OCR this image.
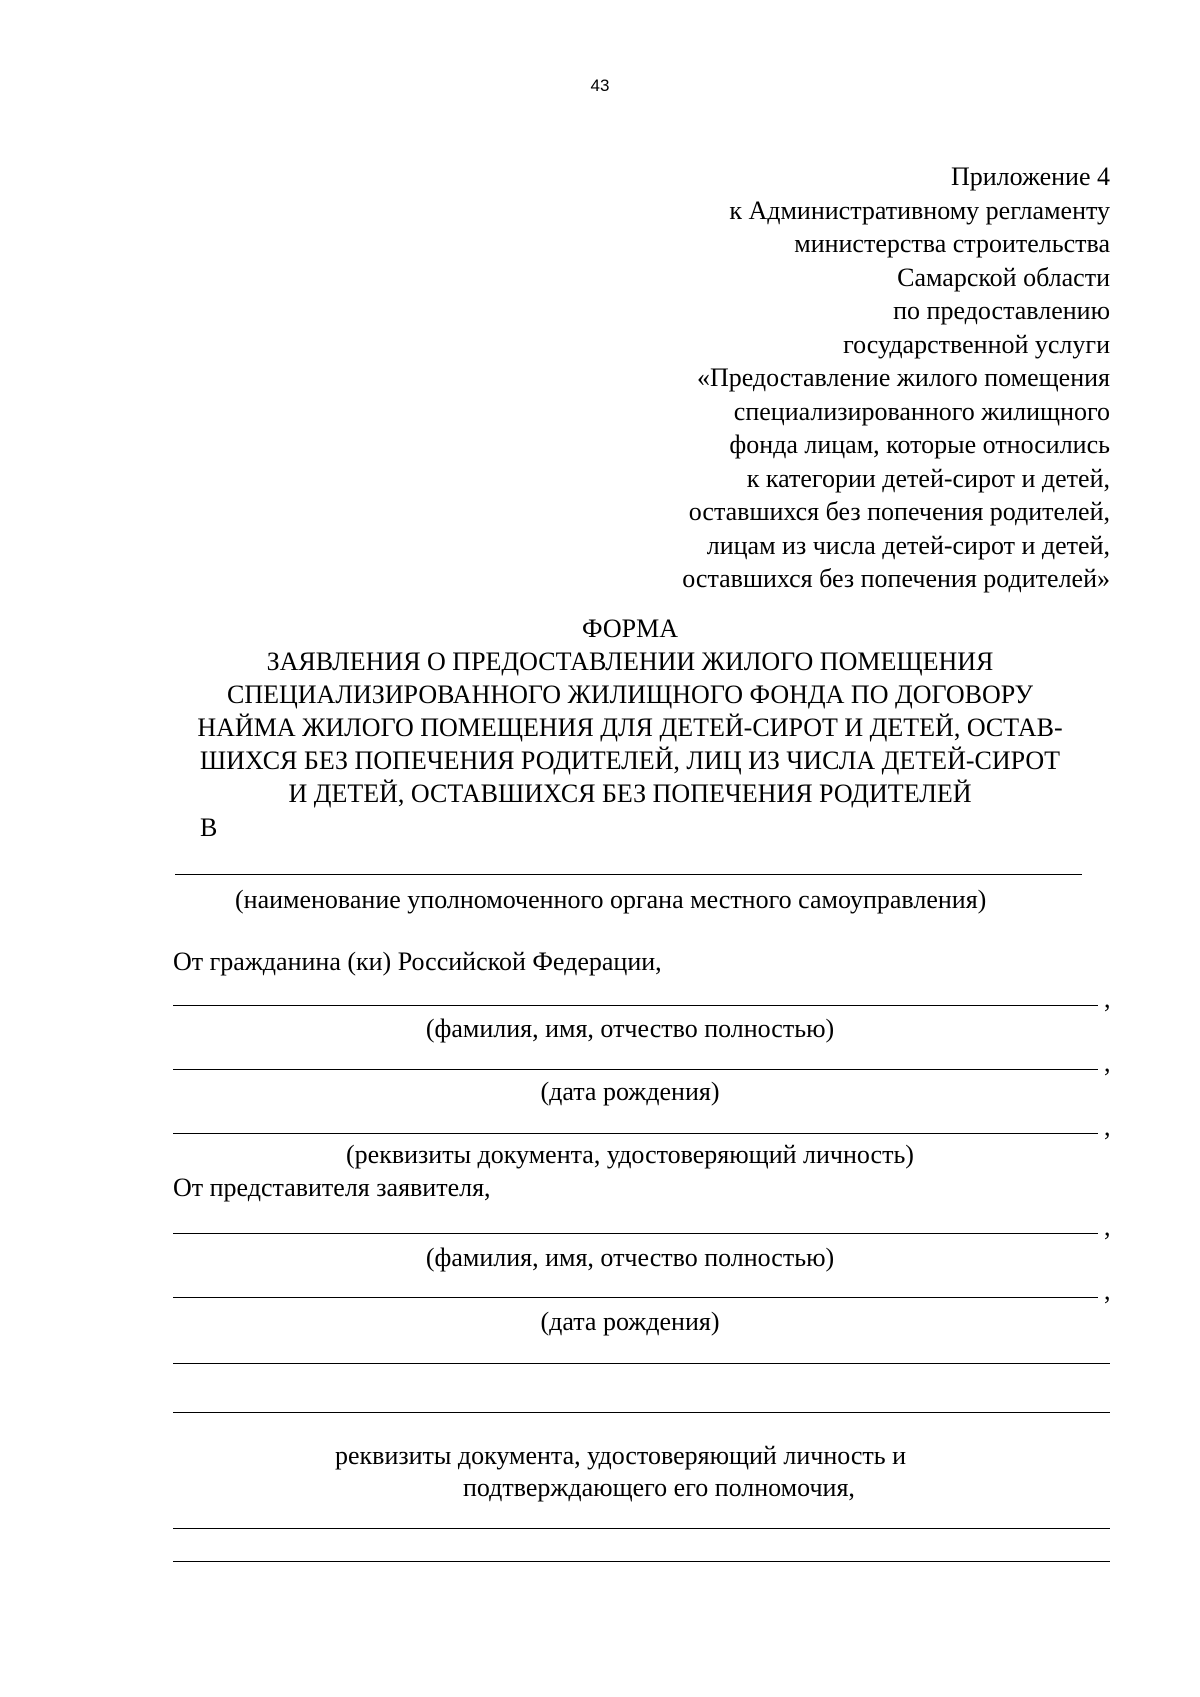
43
Приложение 4
к Административному регламенту
министерства строительства
Самарской области
по предоставлению
государственной услуги
«Предоставление жилого помещения
специализированного жилищного
фонда лицам, которые относились
к категории детей-сирот и детей,
оставшихся без попечения родителей,
лицам из числа детей-сирот и детей,
оставшихся без попечения родителей»
ФОРМА
ЗАЯВЛЕНИЯ О ПРЕДОСТАВЛЕНИИ ЖИЛОГО ПОМЕЩЕНИЯ
СПЕЦИАЛИЗИРОВАННОГО ЖИЛИЩНОГО ФОНДА ПО ДОГОВОРУ
НАЙМА ЖИЛОГО ПОМЕЩЕНИЯ ДЛЯ ДЕТЕЙ-СИРОТ И ДЕТЕЙ, ОСТАВ-
ШИХСЯ БЕЗ ПОПЕЧЕНИЯ РОДИТЕЛЕЙ, ЛИЦ ИЗ ЧИСЛА ДЕТЕЙ-СИРОТ
И ДЕТЕЙ, ОСТАВШИХСЯ БЕЗ ПОПЕЧЕНИЯ РОДИТЕЛЕЙ
В
(наименование уполномоченного органа местного самоуправления)
От гражданина (ки) Российской Федерации,
,
(фамилия, имя, отчество полностью)
,
(дата рождения)
,
(реквизиты документа, удостоверяющий личность)
От представителя заявителя,
,
(фамилия, имя, отчество полностью)
,
(дата рождения)
реквизиты документа, удостоверяющий личность и
подтверждающего его полномочия,
